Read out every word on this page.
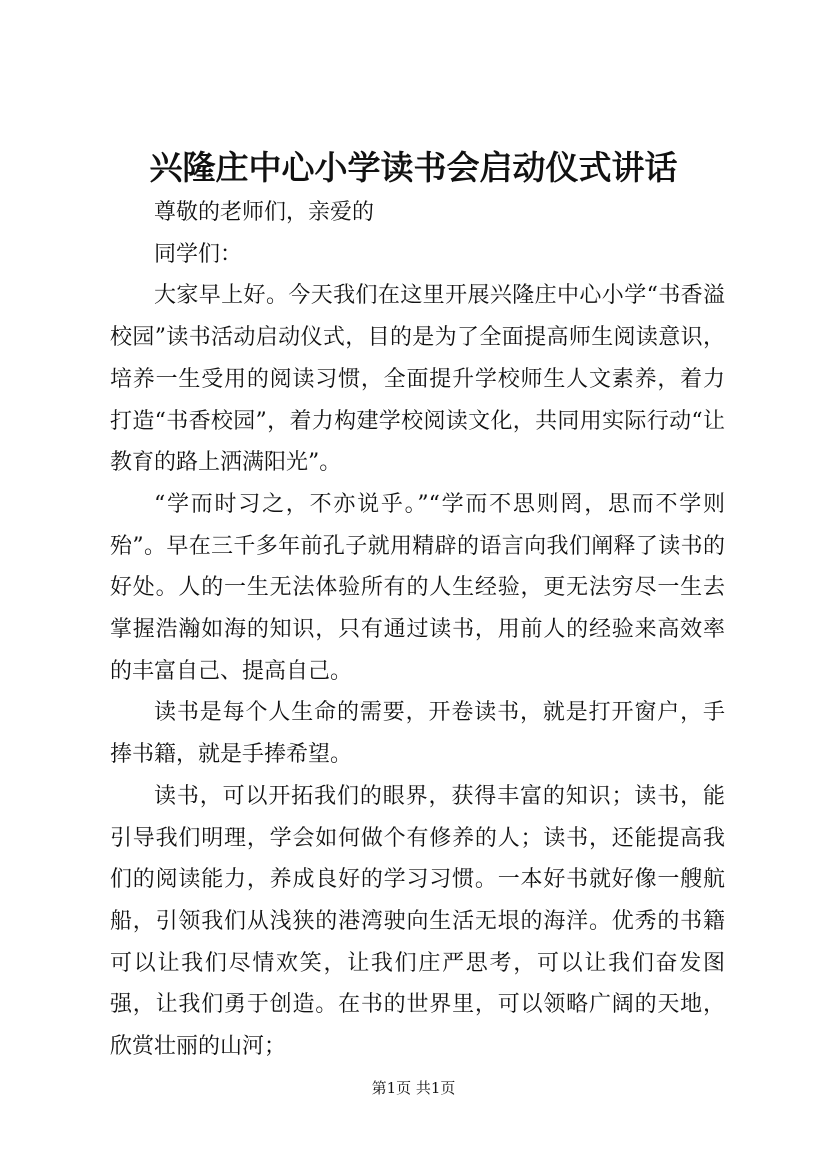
兴隆庄中心小学读书会启动仪式讲话

尊敬的老师们，亲爱的

同学们：

大家早上好。今天我们在这里开展兴隆庄中心小学“书香溢校园”读书活动启动仪式，目的是为了全面提高师生阅读意识，培养一生受用的阅读习惯，全面提升学校师生人文素养，着力打造“书香校园”，着力构建学校阅读文化，共同用实际行动“让教育的路上洒满阳光”。

“学而时习之，不亦说乎。”“学而不思则罔，思而不学则殆”。早在三千多年前孔子就用精辟的语言向我们阐释了读书的好处。人的一生无法体验所有的人生经验，更无法穷尽一生去掌握浩瀚如海的知识，只有通过读书，用前人的经验来高效率的丰富自己、提高自己。

读书是每个人生命的需要，开卷读书，就是打开窗户，手捧书籍，就是手捧希望。

读书，可以开拓我们的眼界，获得丰富的知识；读书，能引导我们明理，学会如何做个有修养的人；读书，还能提高我们的阅读能力，养成良好的学习习惯。一本好书就好像一艘航船，引领我们从浅狭的港湾驶向生活无垠的海洋。优秀的书籍可以让我们尽情欢笑，让我们庄严思考，可以让我们奋发图强，让我们勇于创造。在书的世界里，可以领略广阔的天地，欣赏壮丽的山河；

第1页 共1页
